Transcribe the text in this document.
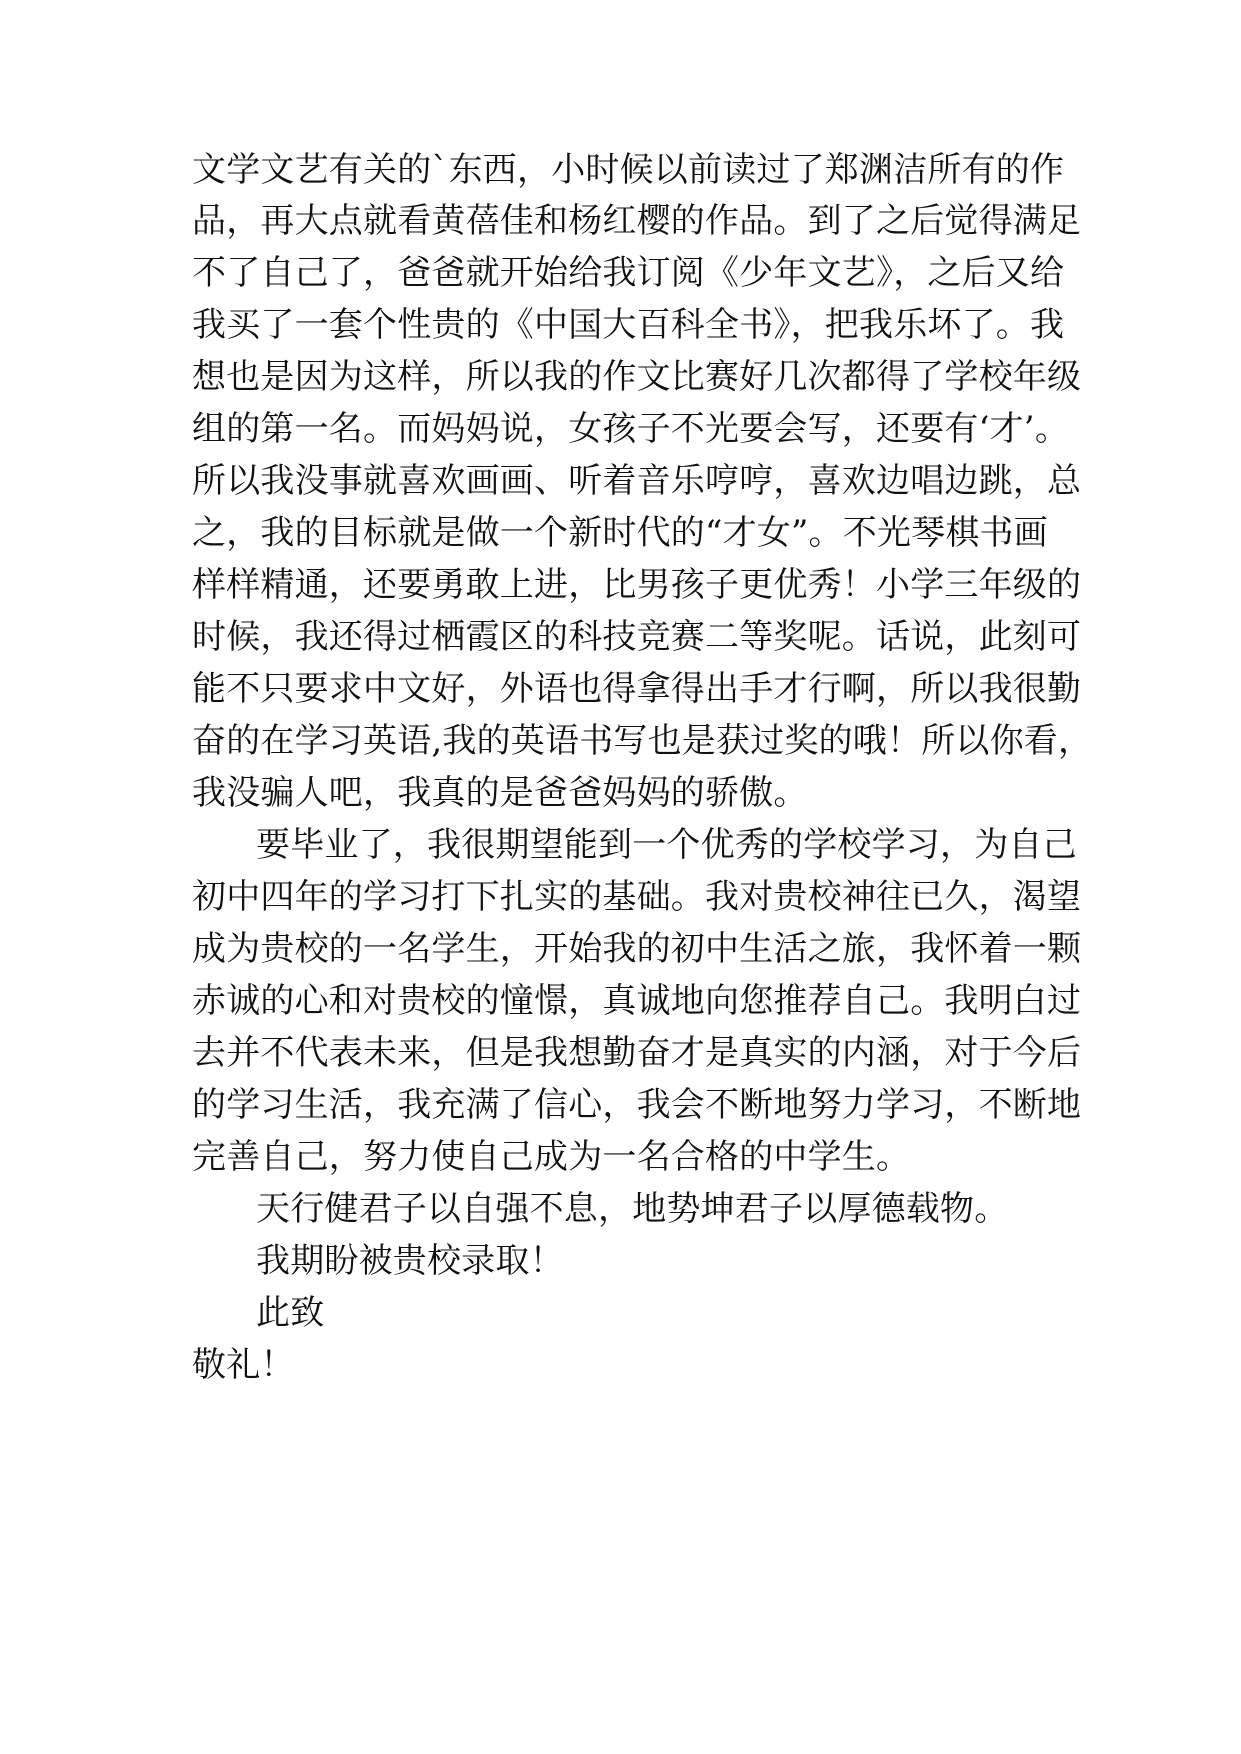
文学文艺有关的`东西，小时候以前读过了郑渊洁所有的作
品，再大点就看黄蓓佳和杨红樱的作品。到了之后觉得满足
不了自己了，爸爸就开始给我订阅《少年文艺》，之后又给
我买了一套个性贵的《中国大百科全书》，把我乐坏了。我
想也是因为这样，所以我的作文比赛好几次都得了学校年级
组的第一名。而妈妈说，女孩子不光要会写，还要有‘才’。
所以我没事就喜欢画画、听着音乐哼哼，喜欢边唱边跳，总
之，我的目标就是做一个新时代的“才女”。不光琴棋书画
样样精通，还要勇敢上进，比男孩子更优秀！小学三年级的
时候，我还得过栖霞区的科技竞赛二等奖呢。话说，此刻可
能不只要求中文好，外语也得拿得出手才行啊，所以我很勤
奋的在学习英语,我的英语书写也是获过奖的哦！所以你看，
我没骗人吧，我真的是爸爸妈妈的骄傲。
要毕业了，我很期望能到一个优秀的学校学习，为自己
初中四年的学习打下扎实的基础。我对贵校神往已久，渴望
成为贵校的一名学生，开始我的初中生活之旅，我怀着一颗
赤诚的心和对贵校的憧憬，真诚地向您推荐自己。我明白过
去并不代表未来，但是我想勤奋才是真实的内涵，对于今后
的学习生活，我充满了信心，我会不断地努力学习，不断地
完善自己，努力使自己成为一名合格的中学生。
天行健君子以自强不息，地势坤君子以厚德载物。
我期盼被贵校录取！
此致
敬礼！
